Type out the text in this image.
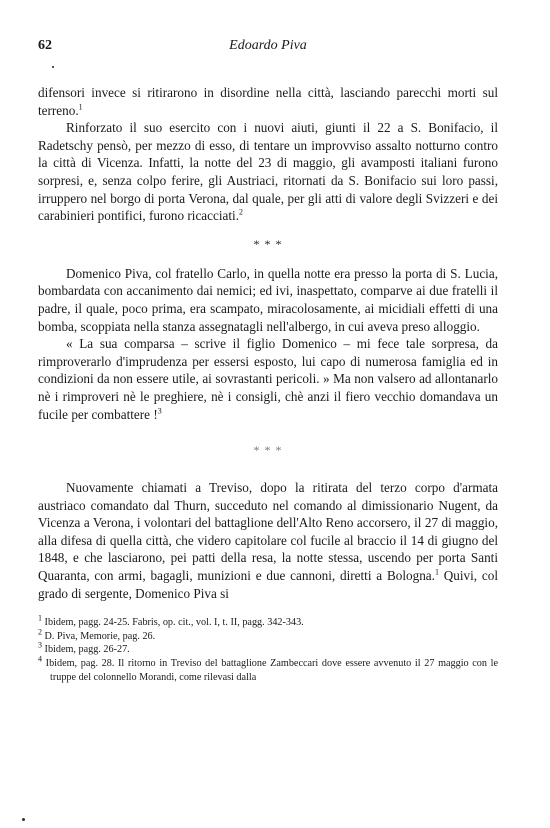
62	Edoardo Piva

difensori invece si ritirarono in disordine nella città, lasciando parecchi morti sul terreno.$^1$

Rinforzato il suo esercito con i nuovi aiuti, giunti il 22 a S. Bonifacio, il Radetschy pensò, per mezzo di esso, di tentare un improvviso assalto notturno contro la città di Vicenza. Infatti, la notte del 23 di maggio, gli avamposti italiani furono sorpresi, e, senza colpo ferire, gli Austriaci, ritornati da S. Bonifacio sui loro passi, irruppero nel borgo di porta Verona, dal quale, per gli atti di valore degli Svizzeri e dei carabinieri pontifici, furono ricacciati.$^2$

* * *

Domenico Piva, col fratello Carlo, in quella notte era presso la porta di S. Lucia, bombardata con accanimento dai nemici; ed ivi, inaspettato, comparve ai due fratelli il padre, il quale, poco prima, era scampato, miracolosamente, ai micidiali effetti di una bomba, scoppiata nella stanza assegnatagli nell'albergo, in cui aveva preso alloggio.

« La sua comparsa – scrive il figlio Domenico – mi fece tale sorpresa, da rimproverarlo d'imprudenza per essersi esposto, lui capo di numerosa famiglia ed in condizioni da non essere utile, ai sovrastanti pericoli. » Ma non valsero ad allontanarlo nè i rimproveri nè le preghiere, nè i consigli, chè anzi il fiero vecchio domandava un fucile per combattere !$^3$

* * *

Nuovamente chiamati a Treviso, dopo la ritirata del terzo corpo d'armata austriaco comandato dal Thurn, succeduto nel comando al dimissionario Nugent, da Vicenza a Verona, i volontari del battaglione dell'Alto Reno accorsero, il 27 di maggio, alla difesa di quella città, che videro capitolare col fucile al braccio il 14 di giugno del 1848, e che lasciarono, pei patti della resa, la notte stessa, uscendo per porta Santi Quaranta, con armi, bagagli, munizioni e due cannoni, diretti a Bologna.$^1$ Quivi, col grado di sergente, Domenico Piva si

$^1$ Ibidem, pagg. 24-25. Fabris, op. cit., vol. I, t. II, pagg. 342-343.

$^2$ D. Piva, Memorie, pag. 26.

$^3$ Ibidem, pagg. 26-27.

$^4$ Ibidem, pag. 28. Il ritorno in Treviso del battaglione Zambeccari dove essere avvenuto il 27 maggio con le truppe del colonnello Morandi, come rilevasi dalla
